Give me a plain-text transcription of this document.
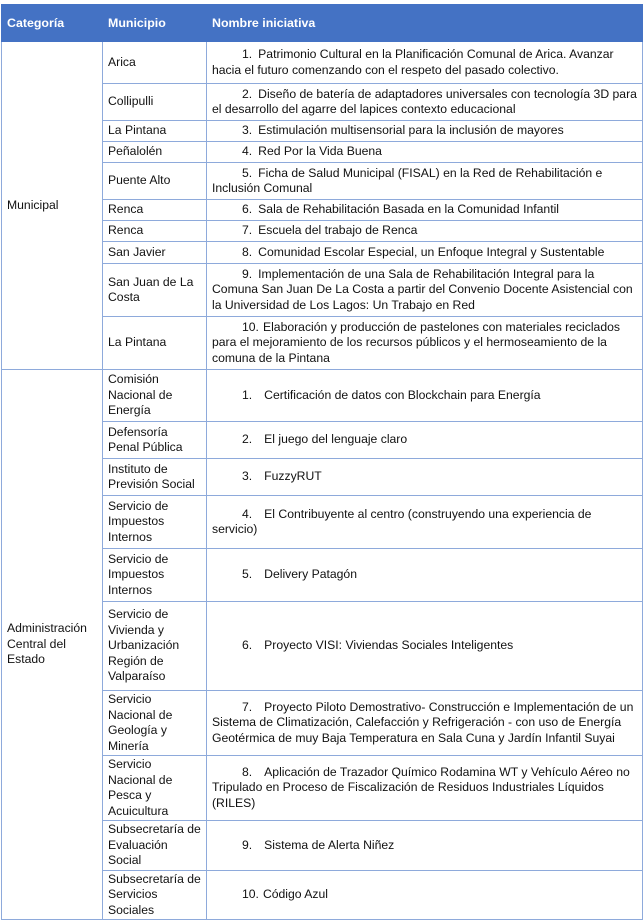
Categoría	Municipio	Nombre iniciativa
Municipal	Arica	1. Patrimonio Cultural en la Planificación Comunal de Arica. Avanzar hacia el futuro comenzando con el respeto del pasado colectivo.
	Collipulli	2. Diseño de batería de adaptadores universales con tecnología 3D para el desarrollo del agarre del lapices contexto educacional
	La Pintana	3. Estimulación multisensorial para la inclusión de mayores
	Peñalolén	4. Red Por la Vida Buena
	Puente Alto	5. Ficha de Salud Municipal (FISAL) en la Red de Rehabilitación e Inclusión Comunal
	Renca	6. Sala de Rehabilitación Basada en la Comunidad Infantil
	Renca	7. Escuela del trabajo de Renca
	San Javier	8. Comunidad Escolar Especial, un Enfoque Integral y Sustentable
	San Juan de La Costa	9. Implementación de una Sala de Rehabilitación Integral para la Comuna San Juan De La Costa a partir del Convenio Docente Asistencial con la Universidad de Los Lagos: Un Trabajo en Red
	La Pintana	10. Elaboración y producción de pastelones con materiales reciclados para el mejoramiento de los recursos públicos y el hermoseamiento de la comuna de la Pintana
Administración Central del Estado	Comisión Nacional de Energía	1. Certificación de datos con Blockchain para Energía
	Defensoría Penal Pública	2. El juego del lenguaje claro
	Instituto de Previsión Social	3. FuzzyRUT
	Servicio de Impuestos Internos	4. El Contribuyente al centro (construyendo una experiencia de servicio)
	Servicio de Impuestos Internos	5. Delivery Patagón
	Servicio de Vivienda y Urbanización Región de Valparaíso	6. Proyecto VISI: Viviendas Sociales Inteligentes
	Servicio Nacional de Geología y Minería	7. Proyecto Piloto Demostrativo- Construcción e Implementación de un Sistema de Climatización, Calefacción y Refrigeración - con uso de Energía Geotérmica de muy Baja Temperatura en Sala Cuna y Jardín Infantil Suyai
	Servicio Nacional de Pesca y Acuicultura	8. Aplicación de Trazador Químico Rodamina WT y Vehículo Aéreo no Tripulado en Proceso de Fiscalización de Residuos Industriales Líquidos (RILES)
	Subsecretaría de Evaluación Social	9. Sistema de Alerta Niñez
	Subsecretaría de Servicios Sociales	10. Código Azul
